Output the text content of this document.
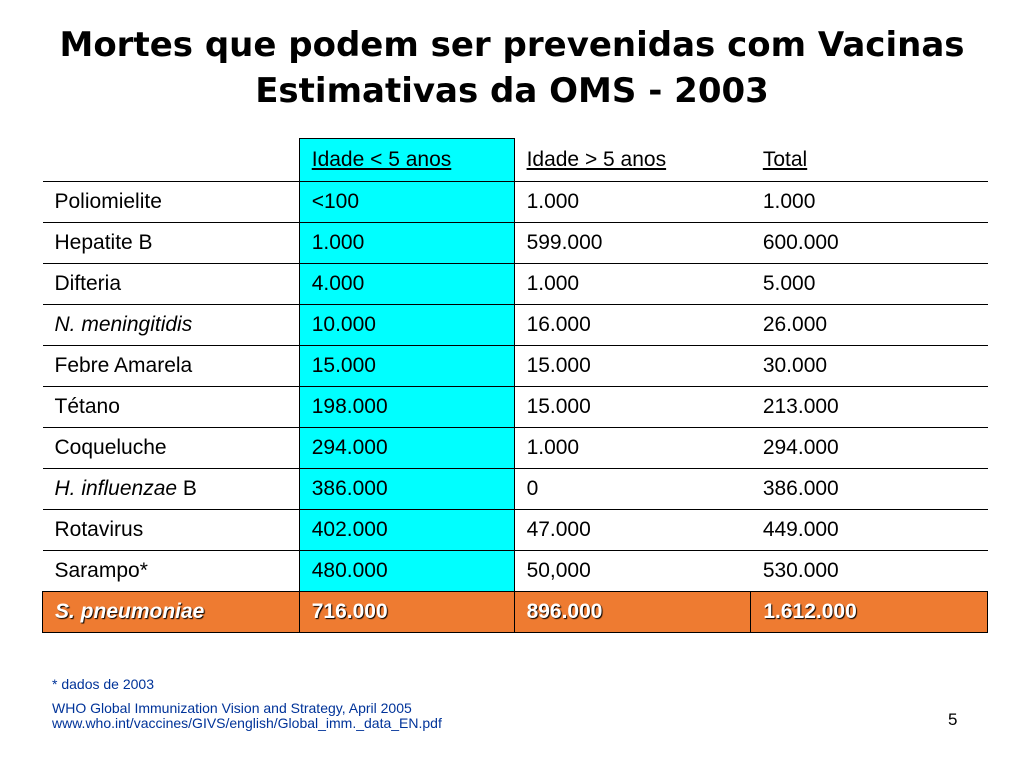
Mortes que podem ser prevenidas com Vacinas
Estimativas da OMS - 2003
	Idade < 5 anos	Idade > 5 anos	Total
Poliomielite	<100	1.000	1.000
Hepatite B	1.000	599.000	600.000
Difteria	4.000	1.000	5.000
N. meningitidis	10.000	16.000	26.000
Febre Amarela	15.000	15.000	30.000
Tétano	198.000	15.000	213.000
Coqueluche	294.000	1.000	294.000
H. influenzae B	386.000	0	386.000
Rotavirus	402.000	47.000	449.000
Sarampo*	480.000	50,000	530.000
S. pneumoniae	716.000	896.000	1.612.000
* dados de 2003
WHO Global Immunization Vision and Strategy, April 2005
www.who.int/vaccines/GIVS/english/Global_imm._data_EN.pdf	5
